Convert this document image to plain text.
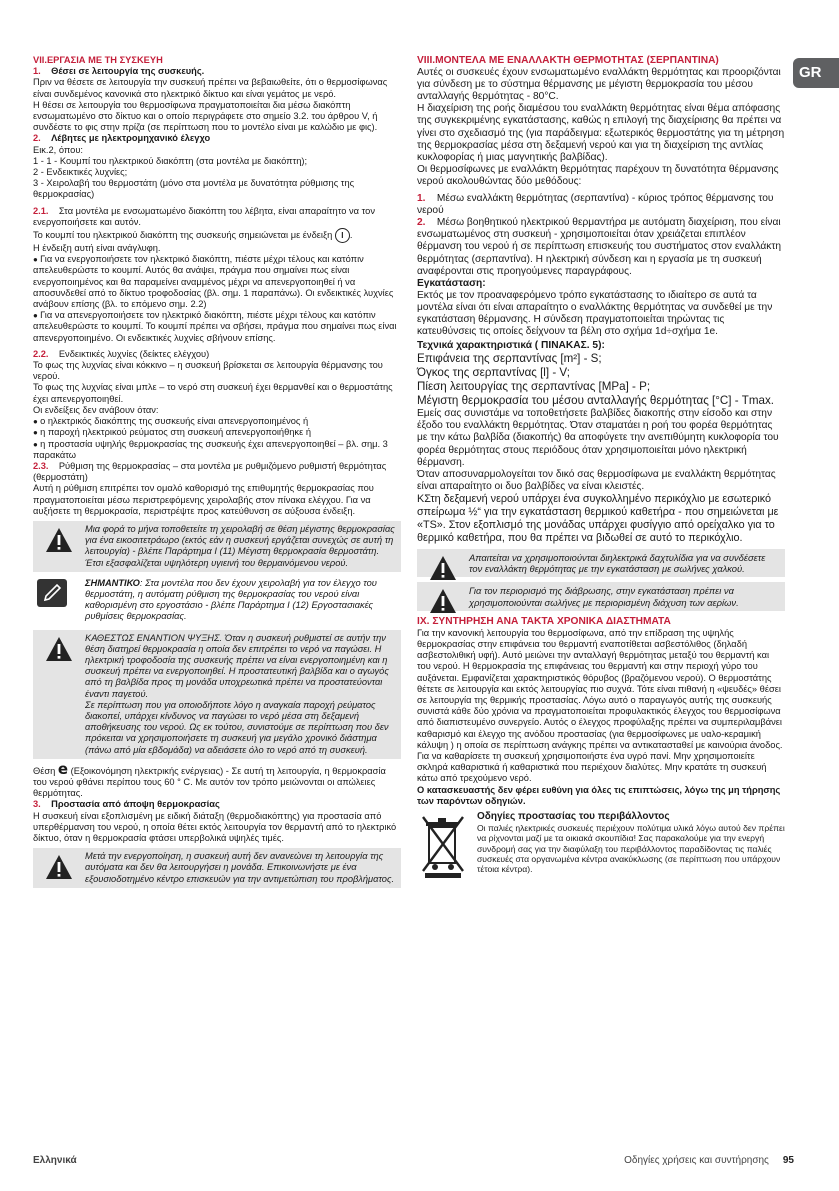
GR

VII.ΕΡΓΑΣΙΑ ΜΕ ΤΗ ΣΥΣΚΕΥΗ

1. Θέσει σε λειτουργία της συσκευής.

Πριν να θέσετε σε λειτουργία την συσκευή πρέπει να βεβαιωθείτε, ότι ο θερμοσίφωνας είναι συνδεμένος κανονικά στο ηλεκτρικό δίκτυο και είναι γεμάτος με νερό.

Η θέσει σε λειτουργία του θερμοσίφωνα πραγματοποιείται δια μέσω διακόπτη ενσωματωμένο στο δίκτυο και ο οποίο περιγράφετε στο σημείο 3.2. του άρθρου V, ή συνδέστε το φις στην πρίζα (σε περίπτωση που το μοντέλο είναι με καλώδιο με φις).

2. Λέβητες με ηλεκτρομηχανικό έλεγχο

Εικ.2, όπου:

1 - 1 - Κουμπί του ηλεκτρικού διακόπτη (στα μοντέλα με διακόπτη);

2 - Ενδεικτικές λυχνίες;

3 - Χειρολαβή του θερμοστάτη (μόνο στα μοντέλα με δυνατότητα ρύθμισης της θερμοκρασίας)

2.1. Στα μοντέλα με ενσωματωμένο διακόπτη του λέβητα, είναι απαραίτητο να τον ενεργοποιήσετε και αυτόν.

Το κουμπί του ηλεκτρικού διακόπτη της συσκευής σημειώνεται με ένδειξη I .

Η ένδειξη αυτή είναι ανάγλυφη.

● Για να ενεργοποιήσετε τον ηλεκτρικό διακόπτη, πιέστε μέχρι τέλους και κατόπιν απελευθερώστε το κουμπί. Αυτός θα ανάψει, πράγμα που σημαίνει πως είναι ενεργοποιημένος και θα παραμείνει αναμμένος μέχρι να απενεργοποιηθεί ή να αποσυνδεθεί από το δίκτυο τροφοδοσίας (βλ. σημ. 1 παραπάνω). Οι ενδεικτικές λυχνίες ανάβουν επίσης (βλ. το επόμενο σημ. 2.2)

● Για να απενεργοποιήσετε τον ηλεκτρικό διακόπτη, πιέστε μέχρι τέλους και κατόπιν απελευθερώστε το κουμπί. Το κουμπί πρέπει να σβήσει, πράγμα που σημαίνει πως είναι απενεργοποιημένο. Οι ενδεικτικές λυχνίες σβήνουν επίσης.

2.2. Ενδεικτικές λυχνίες (δείκτες ελέγχου)

Το φως της λυχνίας είναι κόκκινο – η συσκευή βρίσκεται σε λειτουργία θέρμανσης του νερού.

Το φως της λυχνίας είναι μπλε – το νερό στη συσκευή έχει θερμανθεί και ο θερμοστάτης έχει απενεργοποιηθεί.

Οι ενδείξεις δεν ανάβουν όταν:

● ο ηλεκτρικός διακόπτης της συσκευής είναι απενεργοποιημένος ή

● η παροχή ηλεκτρικού ρεύματος στη συσκευή απενεργοποιήθηκε ή

● η προστασία υψηλής θερμοκρασίας της συσκευής έχει απενεργοποιηθεί – βλ. σημ. 3 παρακάτω

2.3. Ρύθμιση της θερμοκρασίας – στα μοντέλα με ρυθμιζόμενο ρυθμιστή θερμότητας (θερμοστάτη)

Αυτή η ρύθμιση επιτρέπει τον ομαλό καθορισμό της επιθυμητής θερμοκρασίας που πραγματοποιείται μέσω περιστρεφόμενης χειρολαβής στον πίνακα ελέγχου. Για να αυξήσετε τη θερμοκρασία, περιστρέψτε προς κατεύθυνση σε αύξουσα ένδειξη.

Μια φορά το μήνα τοποθετείτε τη χειρολαβή σε θέση μέγιστης θερμοκρασίας για ένα εικοσιτετράωρο (εκτός εάν η συσκευή εργάζεται συνεχώς σε αυτή τη λειτουργία) - βλέπε Παράρτημα I (11) Μέγιστη θερμοκρασία θερμοστάτη. Έτσι εξασφαλίζεται υψηλότερη υγιεινή του θερμαινόμενου νερού.

ΣΗΜΑΝΤΙΚΟ: Στα μοντέλα που δεν έχουν χειρολαβή για τον έλεγχο του θερμοστάτη, η αυτόματη ρύθμιση της θερμοκρασίας του νερού είναι καθορισμένη στο εργοστάσιο - βλέπε Παράρτημα I (12) Εργοστασιακές ρυθμίσεις θερμοκρασίας.

ΚΑΘΕΣΤΩΣ ΕΝΑΝΤΙΟΝ ΨΥΞΗΣ. Όταν η συσκευή ρυθμιστεί σε αυτήν την θέση διατηρεί θερμοκρασία η οποία δεν επιτρέπει το νερό να παγώσει. Η ηλεκτρική τροφοδοσία της συσκευής πρέπει να είναι ενεργοποιημένη και η συσκευή πρέπει να ενεργοποιηθεί. Η προστατευτική βαλβίδα και ο αγωγός από τη βαλβίδα προς τη μονάδα υποχρεωτικά πρέπει να προστατεύονται έναντι παγετού.

Σε περίπτωση που για οποιοδήποτε λόγο η αναγκαία παροχή ρεύματος διακοπεί, υπάρχει κίνδυνος να παγώσει το νερό μέσα στη δεξαμενή αποθήκευσης του νερού. Ως εκ τούτου, συνιστούμε σε περίπτωση που δεν πρόκειται να χρησιμοποιήσετε τη συσκευή για μεγάλο χρονικό διάστημα (πάνω από μία εβδομάδα) να αδειάσετε όλο το νερό από τη συσκευή.

Θέση e (Εξοικονόμηση ηλεκτρικής ενέργειας) - Σε αυτή τη λειτουργία, η θερμοκρασία του νερού φθάνει περίπου τους 60 ° C. Με αυτόν τον τρόπο μειώνονται οι απώλειες θερμότητας.

3. Προστασία από άποψη θερμοκρασίας

Η συσκευή είναι εξοπλισμένη με ειδική διάταξη (θερμοδιακόπτης) για προστασία από υπερθέρμανση του νερού, η οποία θέτει εκτός λειτουργία τον θερμαντή από το ηλεκτρικό δίκτυο, όταν η θερμοκρασία φτάσει υπερβολικά υψηλές τιμές.

Μετά την ενεργοποίηση, η συσκευή αυτή δεν ανανεώνει τη λειτουργία της αυτόματα και δεν θα λειτουργήσει η μονάδα. Επικοινωνήστε με ένα εξουσιοδοτημένο κέντρο επισκευών για την αντιμετώπιση του προβλήματος.

VIII.ΜΟΝΤΕΛΑ ΜΕ ΕΝΑΛΛΑΚΤΗ ΘΕΡΜΟΤΗΤΑΣ (ΣΕΡΠΑΝΤΙΝΑ)

Αυτές οι συσκευές έχουν ενσωματωμένο εναλλάκτη θερμότητας και προοριζόνται για σύνδεση με το σύστημα θέρμανσης με μέγιστη θερμοκρασία του μέσου ανταλλαγής θερμότητας - 80°C.

Η διαχείριση της ροής διαμέσου του εναλλάκτη θερμότητας είναι θέμα απόφασης της συγκεκριμένης εγκατάστασης, καθώς η επιλογή της διαχείρισης θα πρέπει να γίνει στο σχεδιασμό της (για παράδειγμα: εξωτερικός θερμοστάτης για τη μέτρηση της θερμοκρασίας μέσα στη δεξαμενή νερού και για τη διαχείριση της αντλίας κυκλοφορίας ή μιας μαγνητικής βαλβίδας).

Οι θερμοσίφωνες με εναλλάκτη θερμότητας παρέχουν τη δυνατότητα θέρμανσης νερού ακολουθώντας δύο μεθόδους:

1. Μέσω εναλλάκτη θερμότητας (σερπαντίνα) - κύριος τρόπος θέρμανσης του νερού

2. Μέσω βοηθητικού ηλεκτρικού θερμαντήρα με αυτόματη διαχείριση, που είναι ενσωματωμένος στη συσκευή - χρησιμοποιείται όταν χρειάζεται επιπλέον θέρμανση του νερού ή σε περίπτωση επισκευής του συστήματος στον εναλλάκτη θερμότητας (σερπαντίνα). Η ηλεκτρική σύνδεση και η εργασία με τη συσκευή αναφέρονται στις προηγούμενες παραγράφους.

Εγκατάσταση:

Εκτός με τον προαναφερόμενο τρόπο εγκατάστασης το ιδιαίτερο σε αυτά τα μοντέλα είναι ότι είναι απαραίτητο ο εναλλάκτης θερμότητας να συνδεθεί με την εγκατάσταση θέρμανσης. Η σύνδεση πραγματοποιείται τηρώντας τις κατευθύνσεις τις οποίες δείχνουν τα βέλη στο σχήμα 1d÷σχήμα 1e.

Τεχνικά χαρακτηριστικά ( ΠΙΝΑΚΑΣ. 5):

Επιφάνεια της σερπαντίνας [m²] - S;

Όγκος της σερπαντίνας [l] - V;

Πίεση λειτουργίας της σερπαντίνας [MPa] - P;

Μέγιστη θερμοκρασία του μέσου ανταλλαγής θερμότητας [°C] - Tmax.

Εμείς σας συνιστάμε να τοποθετήσετε βαλβίδες διακοπής στην είσοδο και στην έξοδο του εναλλάκτη θερμότητας. Όταν σταματάει η ροή του φορέα θερμότητας με την κάτω βαλβίδα (διακοπής) θα αποφύγετε την ανεπιθύμητη κυκλοφορία του φορέα θερμότητας στους περιόδους όταν χρησιμοποιείται μόνο ηλεκτρική θέρμανση.

Όταν αποσυναρμολογείται τον δικό σας θερμοσίφωνα με εναλλάκτη θερμότητας είναι απαραίτητο οι δυο βαλβίδες να είναι κλειστές.

ΚΣτη δεξαμενή νερού υπάρχει ένα συγκολλημένο περικόχλιο με εσωτερικό σπείρωμα ½“ για την εγκατάσταση θερμικού καθετήρα - που σημειώνεται με «TS». Στον εξοπλισμό της μονάδας υπάρχει φυσίγγιο από ορείχαλκο για το θερμικό καθετήρα, που θα πρέπει να βιδωθεί σε αυτό το περικόχλιο.

Απαιτείται να χρησιμοποιούνται διηλεκτρικά δαχτυλίδια για να συνδέσετε τον εναλλάκτη θερμότητας με την εγκατάσταση με σωλήνες χαλκού.

Για τον περιορισμό της διάβρωσης, στην εγκατάσταση πρέπει να χρησιμοποιούνται σωλήνες με περιορισμένη διάχυση των αερίων.

IX. ΣΥΝΤΗΡΗΣΗ ΑΝΑ ΤΑΚΤΑ ΧΡΟΝΙΚΑ ΔΙΑΣΤΗΜΑΤΑ

Για την κανονική λειτουργία του θερμοσίφωνα, από την επίδραση της υψηλής θερμοκρασίας στην επιφάνεια του θερμαντή εναποτίθεται ασβεστόλιθος (δηλαδή ασβεστολιθική υφή). Αυτό μειώνει την ανταλλαγή θερμότητας μεταξύ του θερμαντή και του νερού. Η θερμοκρασία της επιφάνειας του θερμαντή και στην περιοχή γύρο του αυξάνεται. Εμφανίζεται χαρακτηριστικός θόρυβος (βραζόμενου νερού). Ο θερμοστάτης θέτετε σε λειτουργία και εκτός λειτουργίας πιο συχνά. Τότε είναι πιθανή η «ψευδές» θέσει σε λειτουργία της θερμικής προστασίας. Λόγω αυτό ο παραγωγός αυτής της συσκευής συνιστά κάθε δύο χρόνια να πραγματοποιείται προφυλακτικός έλεγχος του θερμοσίφωνα από διαπιστευμένο συνεργείο. Αυτός ο έλεγχος προφύλαξης πρέπει να συμπεριλαμβάνει καθαρισμό και έλεγχο της ανόδου προστασίας (για θερμοσίφωνες με υαλο-κεραμική κάλυψη ) η οποία σε περίπτωση ανάγκης πρέπει να αντικατασταθεί με καινούρια άνοδος.

Για να καθαρίσετε τη συσκευή χρησιμοποιήστε ένα υγρό πανί. Μην χρησιμοποιείτε σκληρά καθαριστικά ή καθαριστικά που περιέχουν διαλύτες. Μην κρατάτε τη συσκευή κάτω από τρεχούμενο νερό.

Ο κατασκευαστής δεν φέρει ευθύνη για όλες τις επιπτώσεις, λόγω της μη τήρησης των παρόντων οδηγιών.

Οδηγίες προστασίας του περιβάλλοντος

Οι παλιές ηλεκτρικές συσκευές περιέχουν πολύτιμα υλικά λόγω αυτού δεν πρέπει να ρίχνονται μαζί με τα οικιακά σκουπίδια! Σας παρακαλούμε για την ενεργή συνδρομή σας για την διαφύλαξη του περιβάλλοντος παραδίδοντας τις παλιές συσκευές στα οργανωμένα κέντρα ανακύκλωσης (σε περίπτωση που υπάρχουν τέτοια κέντρα).

Ελληνικά	Οδηγίες χρήσεις και συντήρησης 95
